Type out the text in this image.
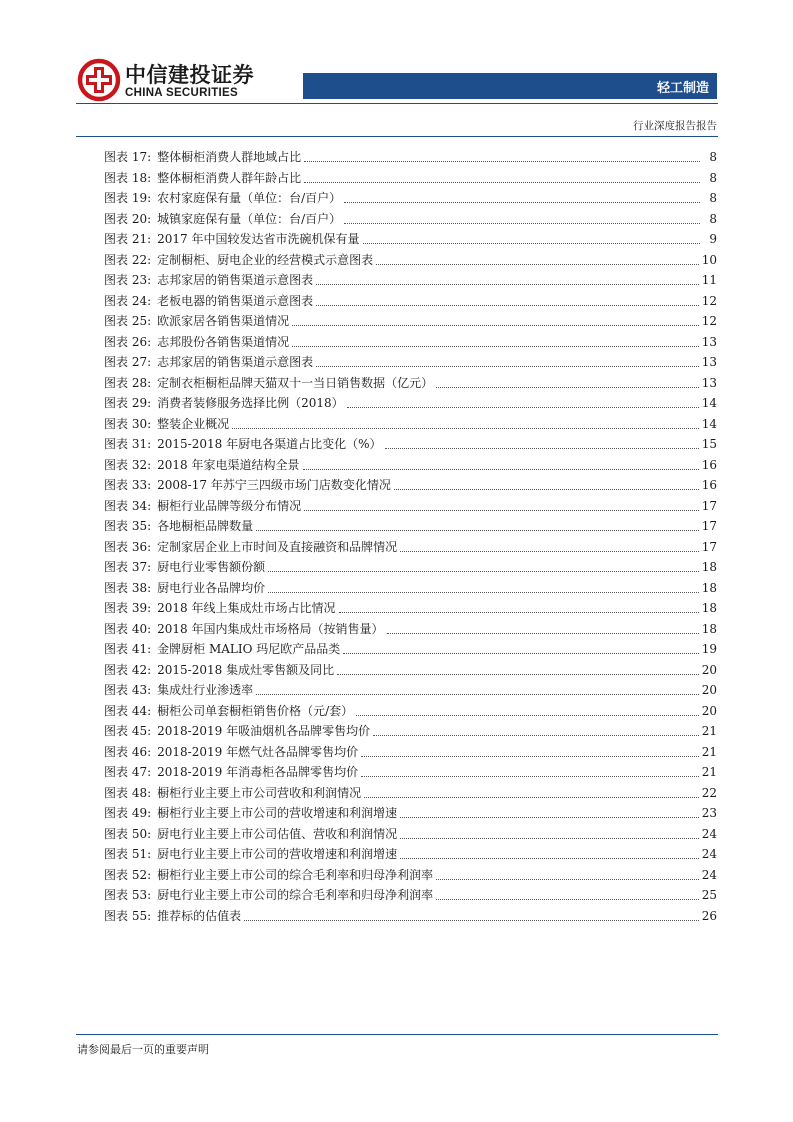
中信建投证券
CHINA SECURITIES	轻工制造
行业深度报告报告
图表 17: 整体橱柜消费人群地域占比	8
图表 18: 整体橱柜消费人群年龄占比	8
图表 19: 农村家庭保有量（单位：台/百户）	8
图表 20: 城镇家庭保有量（单位：台/百户）	8
图表 21: 2017 年中国较发达省市洗碗机保有量	9
图表 22: 定制橱柜、厨电企业的经营模式示意图表	10
图表 23: 志邦家居的销售渠道示意图表	11
图表 24: 老板电器的销售渠道示意图表	12
图表 25: 欧派家居各销售渠道情况	12
图表 26: 志邦股份各销售渠道情况	13
图表 27: 志邦家居的销售渠道示意图表	13
图表 28: 定制衣柜橱柜品牌天猫双十一当日销售数据（亿元）	13
图表 29: 消费者装修服务选择比例（2018）	14
图表 30: 整装企业概况	14
图表 31: 2015-2018 年厨电各渠道占比变化（%）	15
图表 32: 2018 年家电渠道结构全景	16
图表 33: 2008-17 年苏宁三四级市场门店数变化情况	16
图表 34: 橱柜行业品牌等级分布情况	17
图表 35: 各地橱柜品牌数量	17
图表 36: 定制家居企业上市时间及直接融资和品牌情况	17
图表 37: 厨电行业零售额份额	18
图表 38: 厨电行业各品牌均价	18
图表 39: 2018 年线上集成灶市场占比情况	18
图表 40: 2018 年国内集成灶市场格局（按销售量）	18
图表 41: 金牌厨柜 MALIO 玛尼欧产品品类	19
图表 42: 2015-2018 集成灶零售额及同比	20
图表 43: 集成灶行业渗透率	20
图表 44: 橱柜公司单套橱柜销售价格（元/套）	20
图表 45: 2018-2019 年吸油烟机各品牌零售均价	21
图表 46: 2018-2019 年燃气灶各品牌零售均价	21
图表 47: 2018-2019 年消毒柜各品牌零售均价	21
图表 48: 橱柜行业主要上市公司营收和利润情况	22
图表 49: 橱柜行业主要上市公司的营收增速和利润增速	23
图表 50: 厨电行业主要上市公司估值、营收和利润情况	24
图表 51: 厨电行业主要上市公司的营收增速和利润增速	24
图表 52: 橱柜行业主要上市公司的综合毛利率和归母净利润率	24
图表 53: 厨电行业主要上市公司的综合毛利率和归母净利润率	25
图表 55: 推荐标的估值表	26
请参阅最后一页的重要声明
